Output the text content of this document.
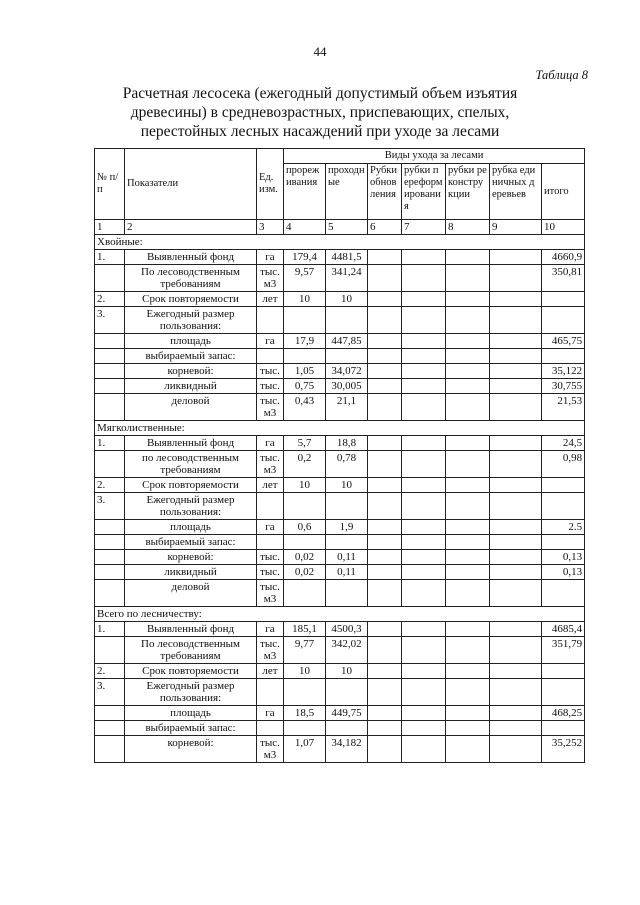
44
Таблица 8
Расчетная лесосека (ежегодный допустимый объем изъятия древесины) в средневозрастных, приспевающих, спелых, перестойных лесных насаждений при уходе за лесами
№ п/п	Показатели	Ед. изм.	Виды ухода за лесами						
			прореживания	проходные	Рубки обновления	рубки переформирования	рубки реконструкции	рубка единичных деревьев	итого
1	2	3	4	5	6	7	8	9	10
Хвойные:									
1.	Выявленный фонд	га	179,4	4481,5					4660,9
	По лесоводственным требованиям	тыс. м3	9,57	341,24					350,81
2.	Срок повторяемости	лет	10	10					
3.	Ежегодный размер пользования:								
	площадь	га	17,9	447,85					465,75
	выбираемый запас:								
	корневой:	тыс.	1,05	34,072					35,122
	ликвидный	тыс.	0,75	30,005					30,755
	деловой	тыс. м3	0,43	21,1					21,53
Мягколиственные:									
1.	Выявленный фонд	га	5,7	18,8					24,5
	по лесоводственным требованиям	тыс. м3	0,2	0,78					0,98
2.	Срок повторяемости	лет	10	10					
3.	Ежегодный размер пользования:								
	площадь	га	0,6	1,9					2.5
	выбираемый запас:								
	корневой:	тыс.	0,02	0,11					0,13
	ликвидный	тыс.	0,02	0,11					0,13
	деловой	тыс. м3							
Всего по лесничеству:									
1.	Выявленный фонд	га	185,1	4500,3					4685,4
	По лесоводственным требованиям	тыс. м3	9,77	342,02					351,79
2.	Срок повторяемости	лет	10	10					
3.	Ежегодный размер пользования:								
	площадь	га	18,5	449,75					468,25
	выбираемый запас:								
	корневой:	тыс. м3	1,07	34,182					35,252
